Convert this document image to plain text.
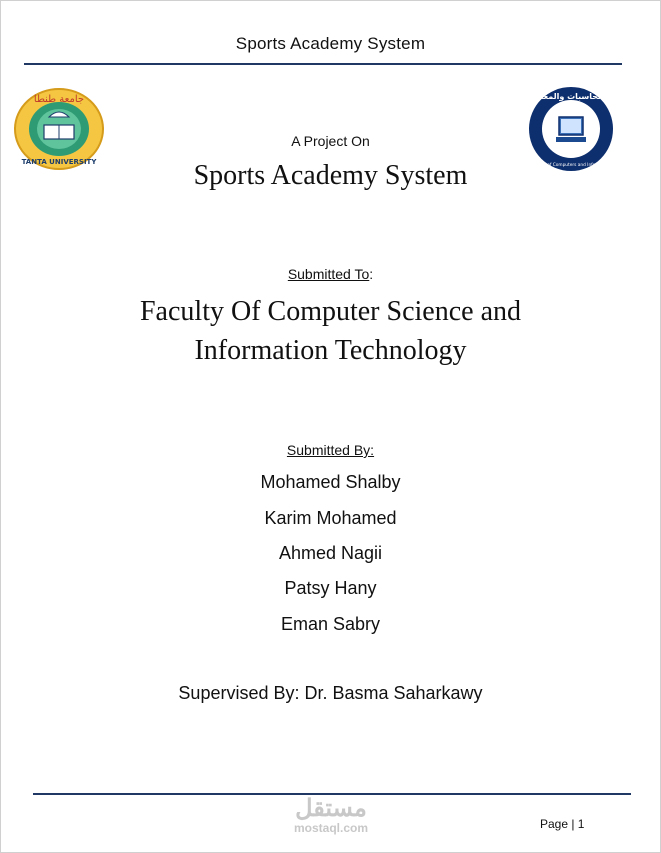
Sports Academy System
جامعة طنطا
TANTA UNIVERSITY
كلية الحاسبات والمعلومات
Faculty of Computers and Informatics
A Project On
Sports Academy System
Submitted To:
Faculty Of Computer Science and
Information Technology
Submitted By:
Mohamed Shalby
Karim Mohamed
Ahmed Nagii
Patsy Hany
Eman Sabry
Supervised By: Dr. Basma Saharkawy
مستقل
mostaql.com	Page | 1
